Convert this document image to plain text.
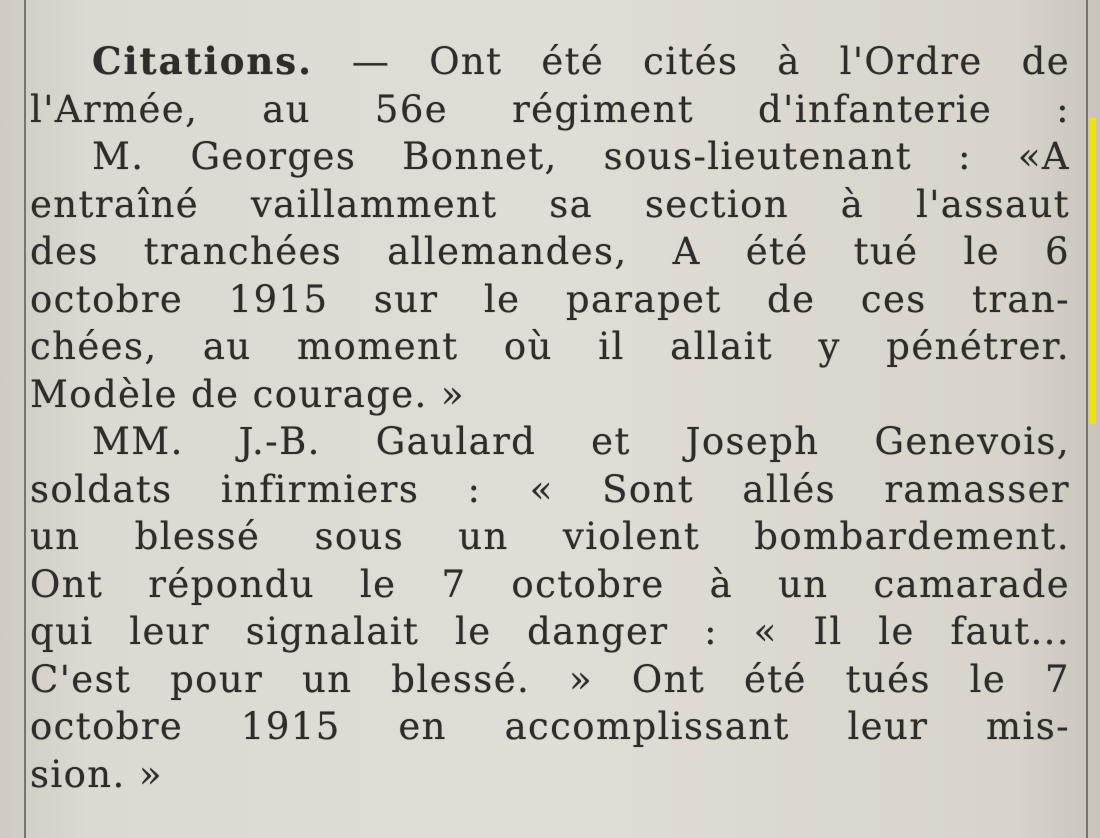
Citations. — Ont été cités à l'Ordre de
l'Armée, au 56e régiment d'infanterie :
M. Georges Bonnet, sous-lieutenant : «A
entraîné vaillamment sa section à l'assaut
des tranchées allemandes, A été tué le 6
octobre 1915 sur le parapet de ces tran-
chées, au moment où il allait y pénétrer.
Modèle de courage. »
MM. J.-B. Gaulard et Joseph Genevois,
soldats infirmiers : « Sont allés ramasser
un blessé sous un violent bombardement.
Ont répondu le 7 octobre à un camarade
qui leur signalait le danger : « Il le faut...
C'est pour un blessé. » Ont été tués le 7
octobre 1915 en accomplissant leur mis-
sion. »
